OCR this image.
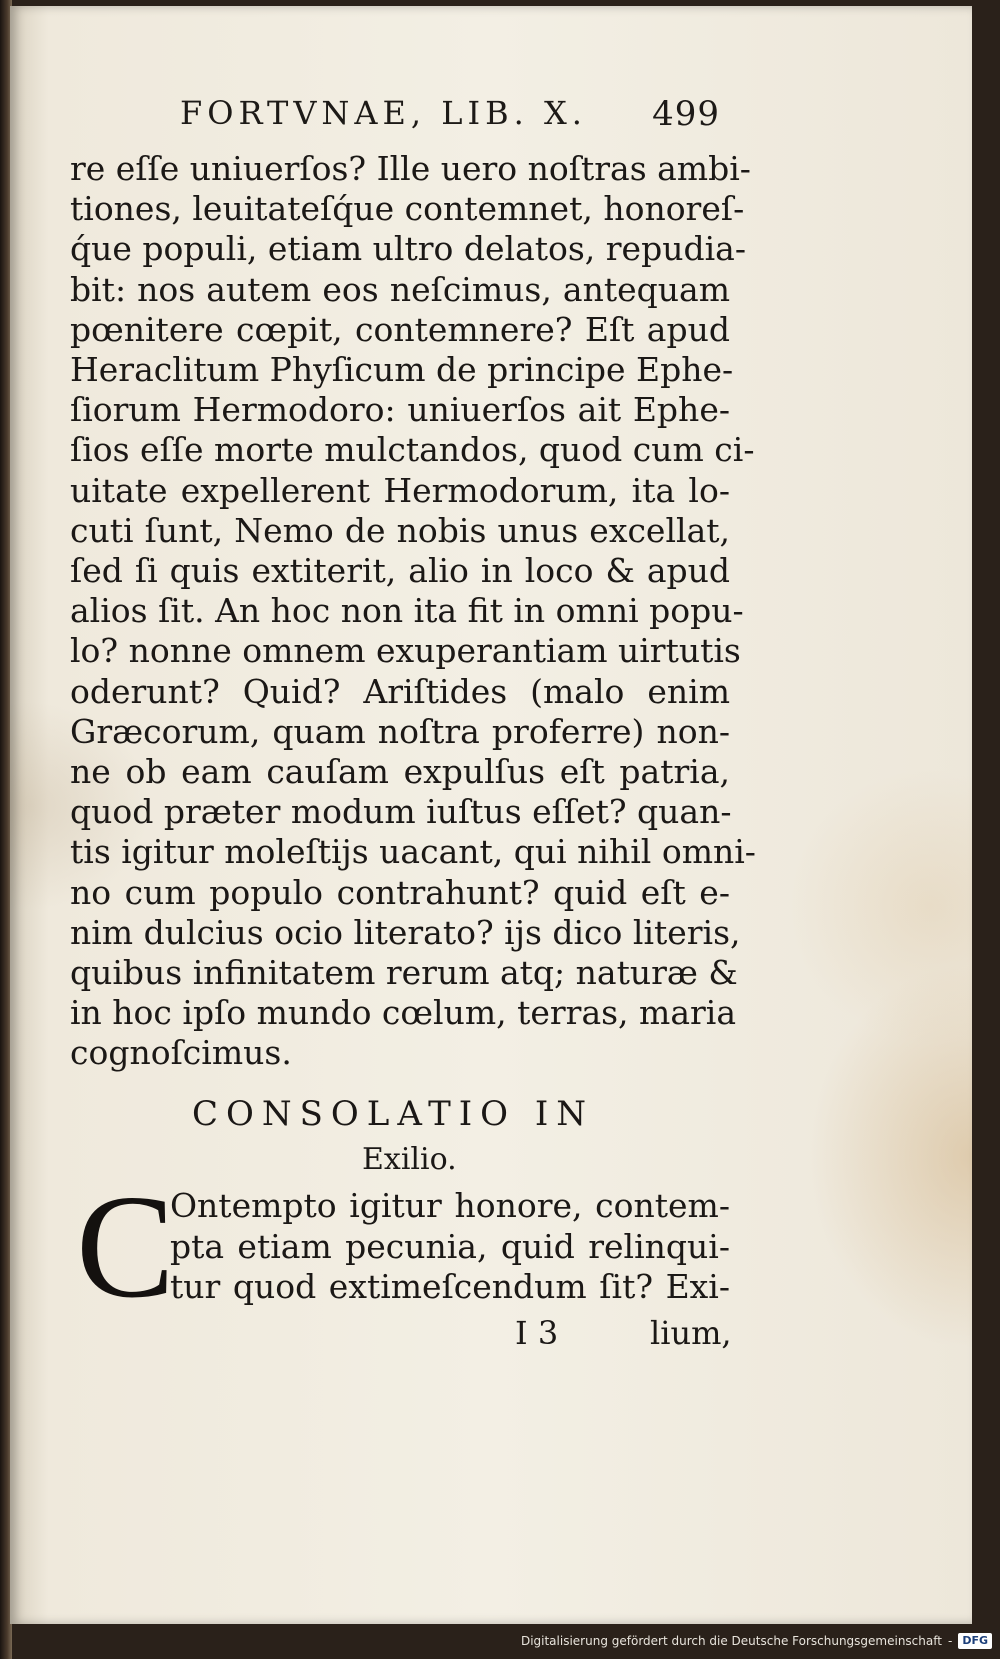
FORTVNAE, LIB. X. 499
re eſſe uniuerſos? Ille uero noſtras ambi-
tiones, leuitateſq́ue contemnet, honoreſ-
q́ue populi, etiam ultro delatos, repudia-
bit: nos autem eos neſcimus, antequam
pœnitere cœpit, contemnere? Eſt apud
Heraclitum Phyſicum de principe Ephe-
ſiorum Hermodoro: uniuerſos ait Ephe-
ſios eſſe morte mulctandos, quod cum ci-
uitate expellerent Hermodorum, ita lo-
cuti ſunt, Nemo de nobis unus excellat,
ſed ſi quis extiterit, alio in loco & apud
alios ſit. An hoc non ita fit in omni popu-
lo? nonne omnem exuperantiam uirtutis
oderunt? Quid? Ariſtides (malo enim
Græcorum, quam noſtra proferre) non-
ne ob eam cauſam expulſus eſt patria,
quod præter modum iuſtus eſſet? quan-
tis igitur moleſtijs uacant, qui nihil omni-
no cum populo contrahunt? quid eſt e-
nim dulcius ocio literato? ijs dico literis,
quibus infinitatem rerum atq; naturæ &
in hoc ipſo mundo cœlum, terras, maria
cognoſcimus.
CONSOLATIO IN
Exilio.
C
Ontempto igitur honore, contem-
pta etiam pecunia, quid relinqui-
tur quod extimeſcendum ſit? Exi-
I 3	lium,
Digitalisierung gefördert durch die Deutsche Forschungsgemeinschaft - DFG
